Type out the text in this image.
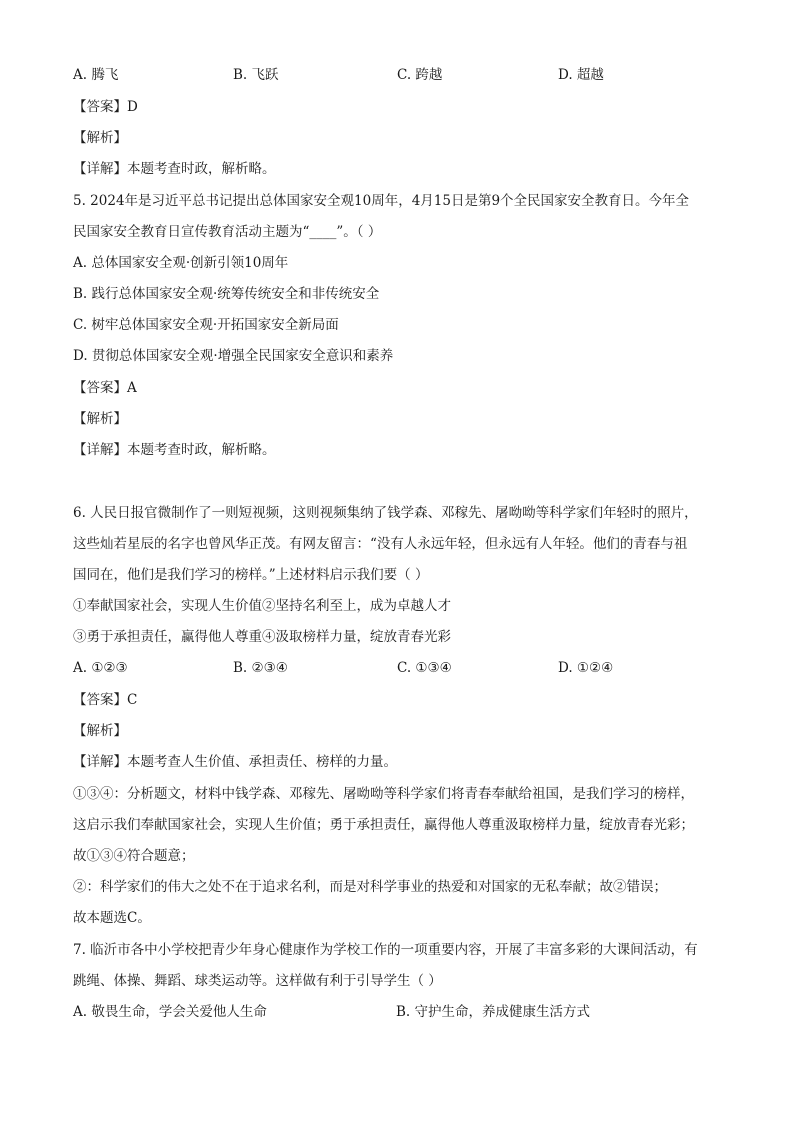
A. 腾飞	B. 飞跃	C. 跨越	D. 超越
【答案】D
【解析】
【详解】本题考查时政，解析略。
5. 2024年是习近平总书记提出总体国家安全观10周年，4月15日是第9个全民国家安全教育日。今年全
民国家安全教育日宣传教育活动主题为“____”。（ ）
A. 总体国家安全观·创新引领10周年
B. 践行总体国家安全观·统筹传统安全和非传统安全
C. 树牢总体国家安全观·开拓国家安全新局面
D. 贯彻总体国家安全观·增强全民国家安全意识和素养
【答案】A
【解析】
【详解】本题考查时政，解析略。
6. 人民日报官微制作了一则短视频，这则视频集纳了钱学森、邓稼先、屠呦呦等科学家们年轻时的照片，
这些灿若星辰的名字也曾风华正茂。有网友留言：“没有人永远年轻，但永远有人年轻。他们的青春与祖
国同在，他们是我们学习的榜样。”上述材料启示我们要（ ）
①奉献国家社会，实现人生价值②坚持名利至上，成为卓越人才
③勇于承担责任，赢得他人尊重④汲取榜样力量，绽放青春光彩
A. ①②③	B. ②③④	C. ①③④	D. ①②④
【答案】C
【解析】
【详解】本题考查人生价值、承担责任、榜样的力量。
①③④：分析题文，材料中钱学森、邓稼先、屠呦呦等科学家们将青春奉献给祖国，是我们学习的榜样，
这启示我们奉献国家社会，实现人生价值；勇于承担责任，赢得他人尊重汲取榜样力量，绽放青春光彩；
故①③④符合题意；
②：科学家们的伟大之处不在于追求名利，而是对科学事业的热爱和对国家的无私奉献；故②错误；
故本题选C。
7. 临沂市各中小学校把青少年身心健康作为学校工作的一项重要内容，开展了丰富多彩的大课间活动，有
跳绳、体操、舞蹈、球类运动等。这样做有利于引导学生（ ）
A. 敬畏生命，学会关爱他人生命	B. 守护生命，养成健康生活方式
